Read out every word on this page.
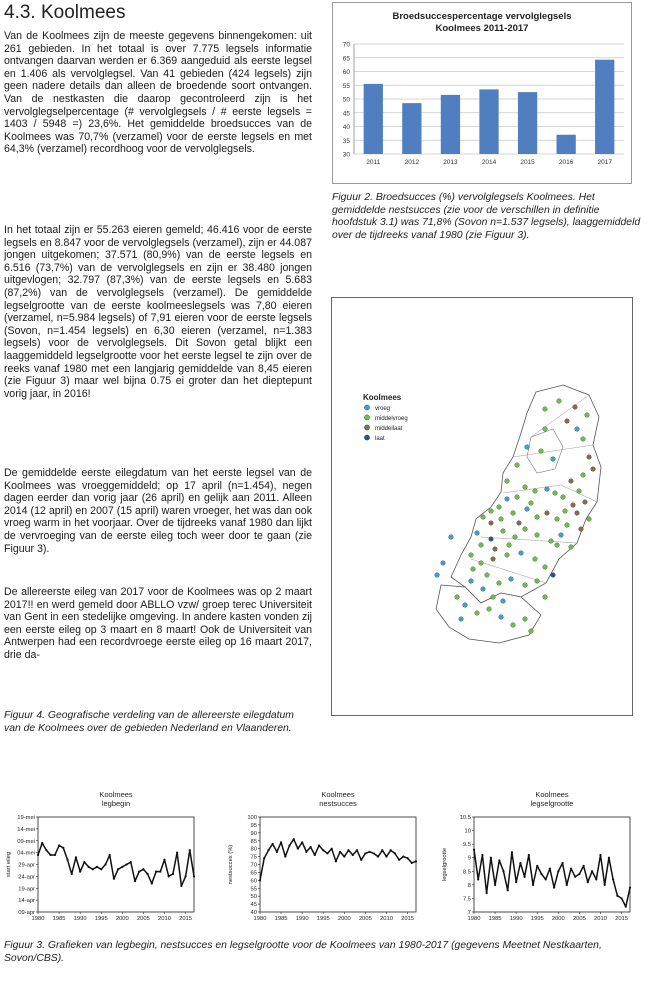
4.3. Koolmees

Van de Koolmees zijn de meeste gegevens binnengekomen: uit 261 gebieden. In het totaal is over 7.775 legsels informatie ontvangen daarvan werden er 6.369 aangeduid als eerste legsel en 1.406 als vervolglegsel. Van 41 gebieden (424 legsels) zijn geen nadere details dan alleen de broedende soort ontvangen. Van de nestkasten die daarop gecontroleerd zijn is het vervolglegselpercentage (# vervolglegsels / # eerste legsels = 1403 / 5948 =) 23,6%. Het gemiddelde broedsucces van de Koolmees was 70,7% (verzamel) voor de eerste legsels en met 64,3% (verzamel) recordhoog voor de vervolglegsels.

In het totaal zijn er 55.263 eieren gemeld; 46.416 voor de eerste legsels en 8.847 voor de vervolglegsels (verzamel), zijn er 44.087 jongen uitgekomen; 37.571 (80,9%) van de eerste legsels en 6.516 (73,7%) van de vervolglegsels en zijn er 38.480 jongen uitgevlogen; 32.797 (87,3%) van de eerste legsels en 5.683 (87,2%) van de vervolglegsels (verzamel). De gemiddelde legselgrootte van de eerste koolmeeslegsels was 7,80 eieren (verzamel, n=5.984 legsels) of 7,91 eieren voor de eerste legsels (Sovon, n=1.454 legsels) en 6,30 eieren (verzamel, n=1.383 legsels) voor de vervolglegsels. Dit Sovon getal blijkt een laaggemiddeld legselgrootte voor het eerste legsel te zijn over de reeks vanaf 1980 met een langjarig gemiddelde van 8,45 eieren (zie Figuur 3) maar wel bijna 0.75 ei groter dan het dieptepunt vorig jaar, in 2016!

De gemiddelde eerste eilegdatum van het eerste legsel van de Koolmees was vroeggemiddeld; op 17 april (n=1.454), negen dagen eerder dan vorig jaar (26 april) en gelijk aan 2011. Alleen 2014 (12 april) en 2007 (15 april) waren vroeger, het was dan ook vroeg warm in het voorjaar. Over de tijdreeks vanaf 1980 dan lijkt de vervroeging van de eerste eileg toch weer door te gaan (zie Figuur 3).

De allereerste eileg van 2017 voor de Koolmees was op 2 maart 2017!! en werd gemeld door ABLLO vzw/ groep terec Universiteit van Gent in een stedelijke omgeving. In andere kasten vonden zij een eerste eileg op 3 maart en 8 maart! Ook de Universiteit van Antwerpen had een recordvroege eerste eileg op 16 maart 2017, drie da-

Broedsuccespercentage vervolglegsels
Koolmees 2011-2017
30
35
40
45
50
55
60
65
70
2011	2012	2013	2014	2015	2016	2017

Figuur 2. Broedsucces (%) vervolglegsels Koolmees. Het gemiddelde nestsucces (zie voor de verschillen in definitie hoofdstuk 3.1) was 71,8% (Sovon n=1.537 legsels), laaggemiddeld over de tijdreeks vanaf 1980 (zie Figuur 3).

Koolmees
vroeg
middelvroeg
middellaat
laat

Figuur 4. Geografische verdeling van de allereerste eilegdatum van de Koolmees over de gebieden Nederland en Vlaanderen.

Koolmees
legbegin
09-apr
14-apr
19-apr
24-apr
29-apr
04-mei
09-mei
14-mei
19-mei
1980 1985 1990 1995 2000 2005 2010 2015
start eileg
Koolmees
nestsucces
40
45
50
55
60
65
70
75
80
85
90
95
100
1980 1985 1990 1995 2000 2005 2010 2015
nestsucces (%)
Koolmees
legselgrootte
7
7.5
8
8.5
9
9.5
10
10.5
1980 1985 1990 1995 2000 2005 2010 2015
legselgrootte

Figuur 3. Grafieken van legbegin, nestsucces en legselgrootte voor de Koolmees van 1980-2017 (gegevens Meetnet Nestkaarten, Sovon/CBS).
